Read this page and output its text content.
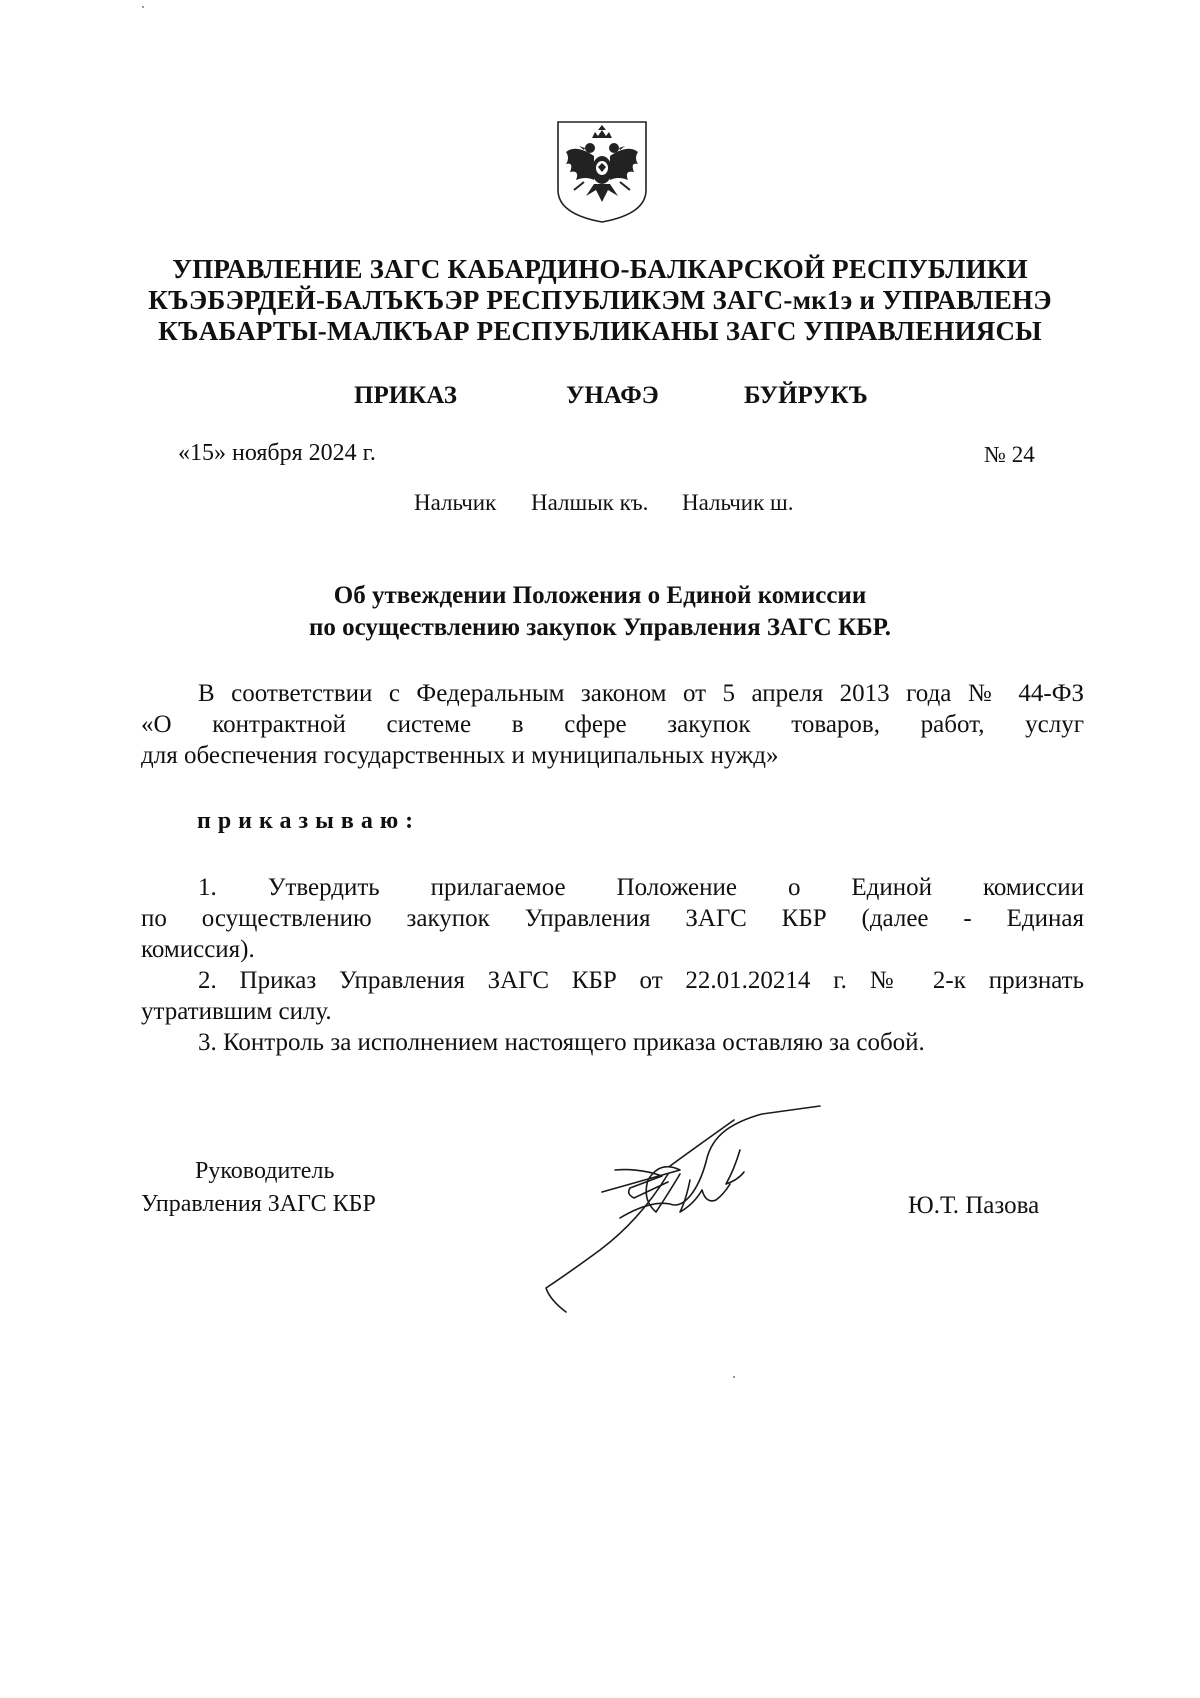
УПРАВЛЕНИЕ ЗАГС КАБАРДИНО-БАЛКАРСКОЙ РЕСПУБЛИКИ
КЪЭБЭРДЕЙ-БАЛЪКЪЭР РЕСПУБЛИКЭМ ЗАГС-мк1э и УПРАВЛЕНЭ
КЪАБАРТЫ-МАЛКЪАР РЕСПУБЛИКАНЫ ЗАГС УПРАВЛЕНИЯСЫ
ПРИКАЗ	УНАФЭ	БУЙРУКЪ
«15» ноября 2024 г.	№ 24
Нальчик Налшык къ. Нальчик ш.
Об утвеждении Положения о Единой комиссии
по осуществлению закупок Управления ЗАГС КБР.
В соответствии с Федеральным законом от 5 апреля 2013 года № 44-ФЗ
«О контрактной системе в сфере закупок товаров, работ, услуг
для обеспечения государственных и муниципальных нужд»
приказываю:
1. Утвердить прилагаемое Положение о Единой комиссии
по осуществлению закупок Управления ЗАГС КБР (далее - Единая
комиссия).
2. Приказ Управления ЗАГС КБР от 22.01.20214 г. № 2-к признать
утратившим силу.
3. Контроль за исполнением настоящего приказа оставляю за собой.
Руководитель
Управления ЗАГС КБР	Ю.Т. Пазова
